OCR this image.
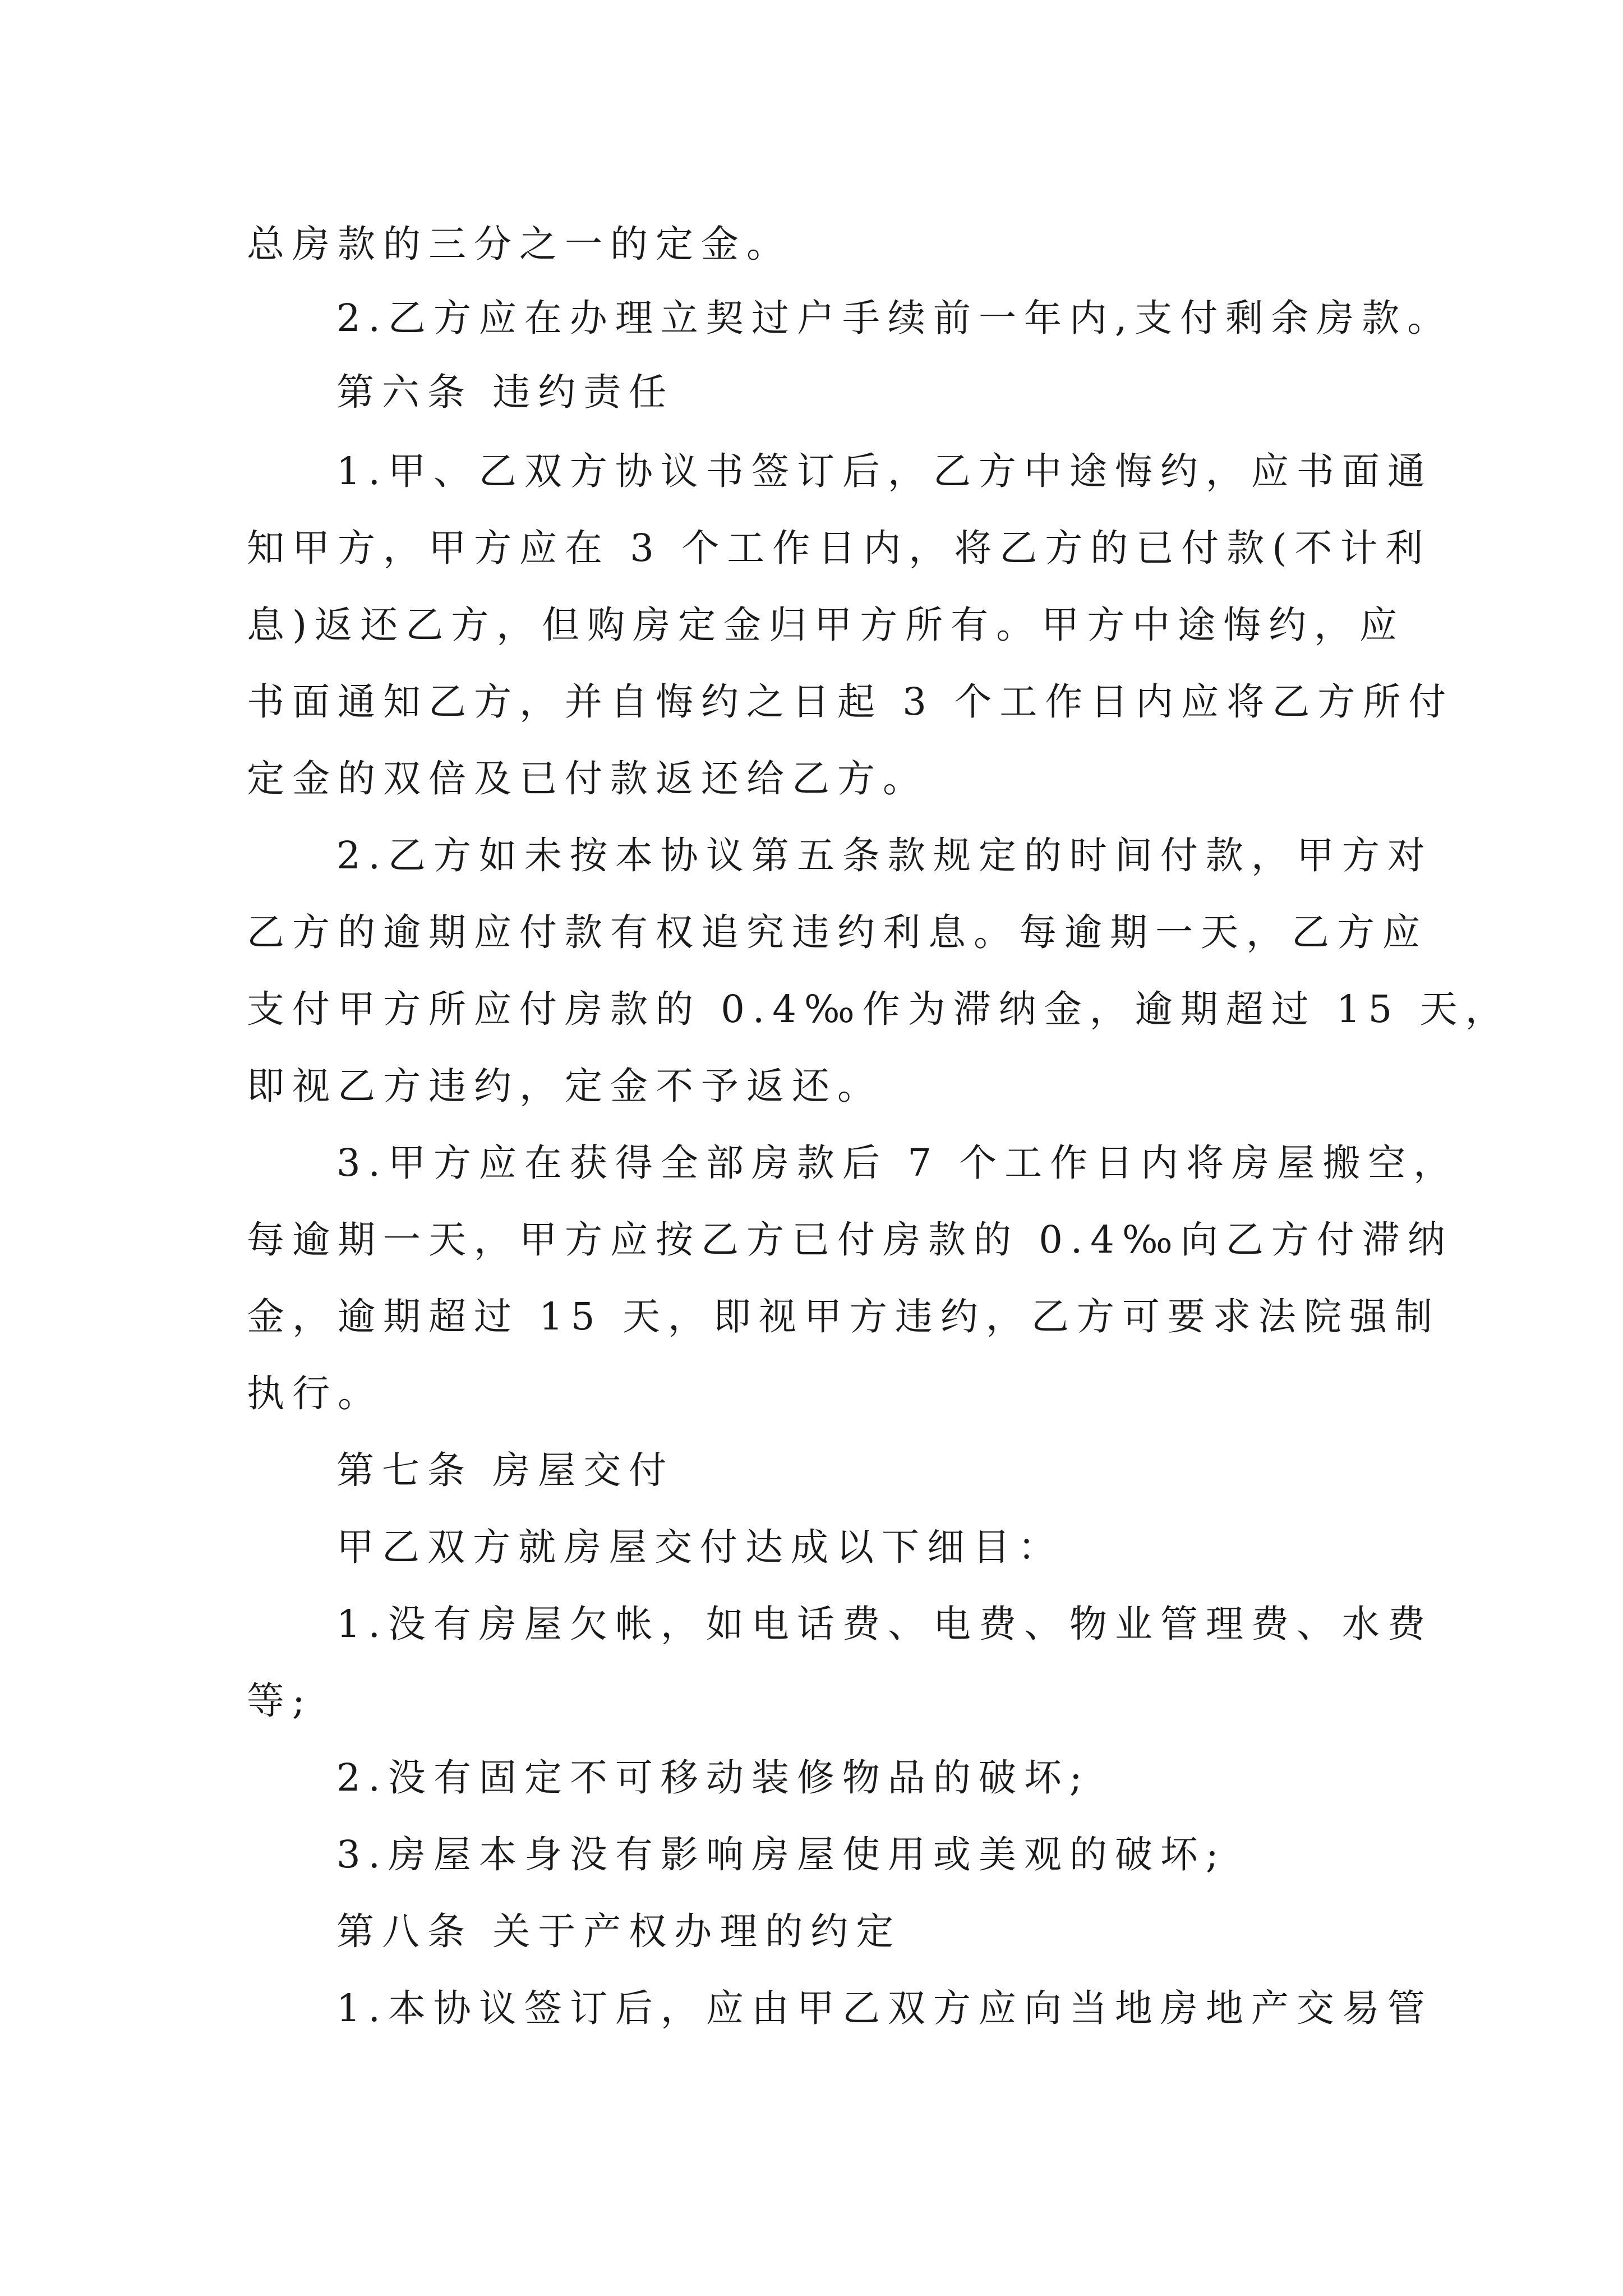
总房款的三分之一的定金。
2.乙方应在办理立契过户手续前一年内,支付剩余房款。
第六条 违约责任
1.甲、乙双方协议书签订后，乙方中途悔约，应书面通
知甲方，甲方应在 3 个工作日内，将乙方的已付款(不计利
息)返还乙方，但购房定金归甲方所有。甲方中途悔约，应
书面通知乙方，并自悔约之日起 3 个工作日内应将乙方所付
定金的双倍及已付款返还给乙方。
2.乙方如未按本协议第五条款规定的时间付款，甲方对
乙方的逾期应付款有权追究违约利息。每逾期一天，乙方应
支付甲方所应付房款的 0.4‰作为滞纳金，逾期超过 15 天，
即视乙方违约，定金不予返还。
3.甲方应在获得全部房款后 7 个工作日内将房屋搬空，
每逾期一天，甲方应按乙方已付房款的 0.4‰向乙方付滞纳
金，逾期超过 15 天，即视甲方违约，乙方可要求法院强制
执行。
第七条 房屋交付
甲乙双方就房屋交付达成以下细目：
1.没有房屋欠帐，如电话费、电费、物业管理费、水费
等;
2.没有固定不可移动装修物品的破坏;
3.房屋本身没有影响房屋使用或美观的破坏;
第八条 关于产权办理的约定
1.本协议签订后，应由甲乙双方应向当地房地产交易管
